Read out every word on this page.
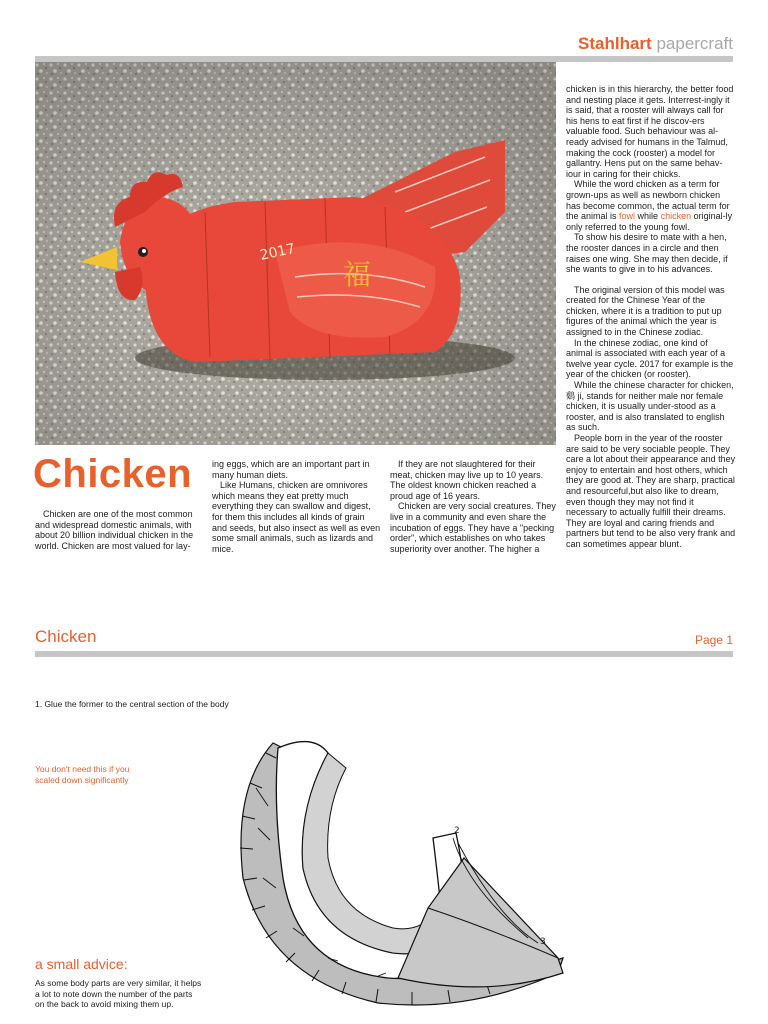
Stahlhart papercraft
2017
福
Chicken

Chicken are one of the most common and widespread domestic animals, with about 20 billion individual chicken in the world. Chicken are most valued for lay-

ing eggs, which are an important part in many human diets.

Like Humans, chicken are omnivores which means they eat pretty much everything they can swallow and digest, for them this includes all kinds of grain and seeds, but also insect as well as even some small animals, such as lizards and mice.

If they are not slaughtered for their meat, chicken may live up to 10 years. The oldest known chicken reached a proud age of 16 years.

Chicken are very social creatures. They live in a community and even share the incubation of eggs. They have a "pecking order", which establishes on who takes superiority over another. The higher a

chicken is in this hierarchy, the better food and nesting place it gets. Interrest-ingly it is said, that a rooster will always call for his hens to eat first if he discov-ers valuable food. Such behaviour was al-ready advised for humans in the Talmud, making the cock (rooster) a model for gallantry. Hens put on the same behav-iour in caring for their chicks.

While the word chicken as a term for grown-ups as well as newborn chicken has become common, the actual term for the animal is fowl while chicken original-ly only referred to the young fowl.

To show his desire to mate with a hen, the rooster dances in a circle and then raises one wing. She may then decide, if she wants to give in to his advances.

The original version of this model was created for the Chinese Year of the chicken, where it is a tradition to put up figures of the animal which the year is assigned to in the Chinese zodiac.

In the chinese zodiac, one kind of animal is associated with each year of a twelve year cycle. 2017 for example is the year of the chicken (or rooster).

While the chinese character for chicken, 鷄 ji, stands for neither male nor female chicken, it is usually under-stood as a rooster, and is also translated to english as such.

People born in the year of the rooster are said to be very sociable people. They care a lot about their appearance and they enjoy to entertain and host others, which they are good at. They are sharp, practical and resourceful,but also like to dream, even though they may not find it necessary to actually fulfill their dreams. They are loyal and caring friends and partners but tend to be also very frank and can sometimes appear blunt.

Chicken	Page 1
1. Glue the former to the central section of the body
You don't need this if you scaled down significantly
2
3
a small advice:
As some body parts are very similar, it helps a lot to note down the number of the parts on the back to avoid mixing them up.
